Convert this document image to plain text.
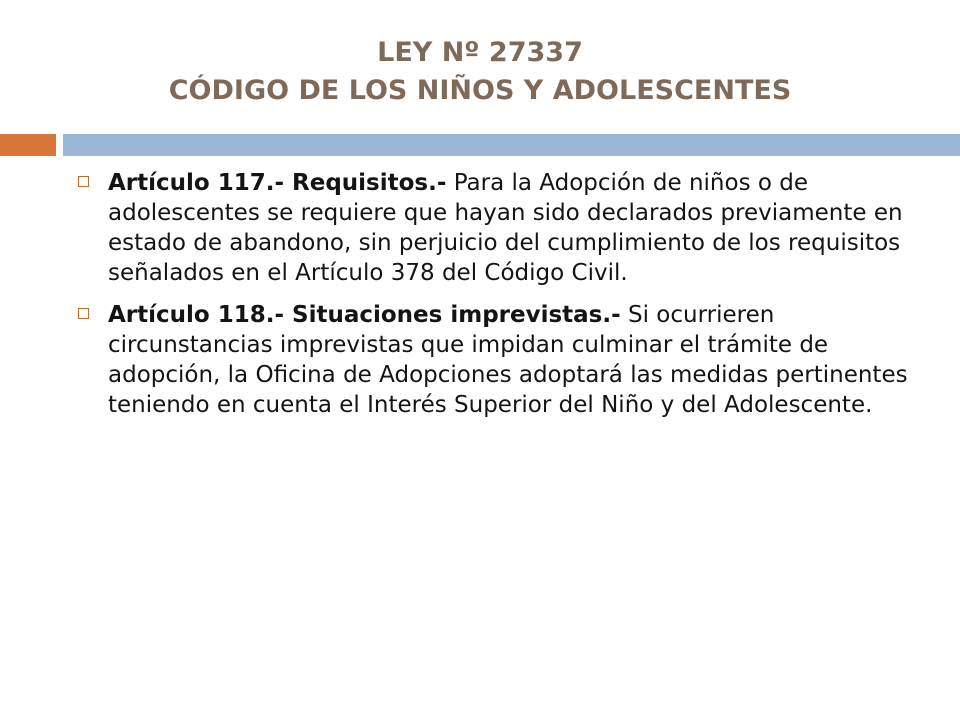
LEY Nº 27337
CÓDIGO DE LOS NIÑOS Y ADOLESCENTES
Artículo 117.- Requisitos.- Para la Adopción de niños o de adolescentes se requiere que hayan sido declarados previamente en estado de abandono, sin perjuicio del cumplimiento de los requisitos señalados en el Artículo 378 del Código Civil.
Artículo 118.- Situaciones imprevistas.- Si ocurrieren circunstancias imprevistas que impidan culminar el trámite de adopción, la Oficina de Adopciones adoptará las medidas pertinentes teniendo en cuenta el Interés Superior del Niño y del Adolescente.
